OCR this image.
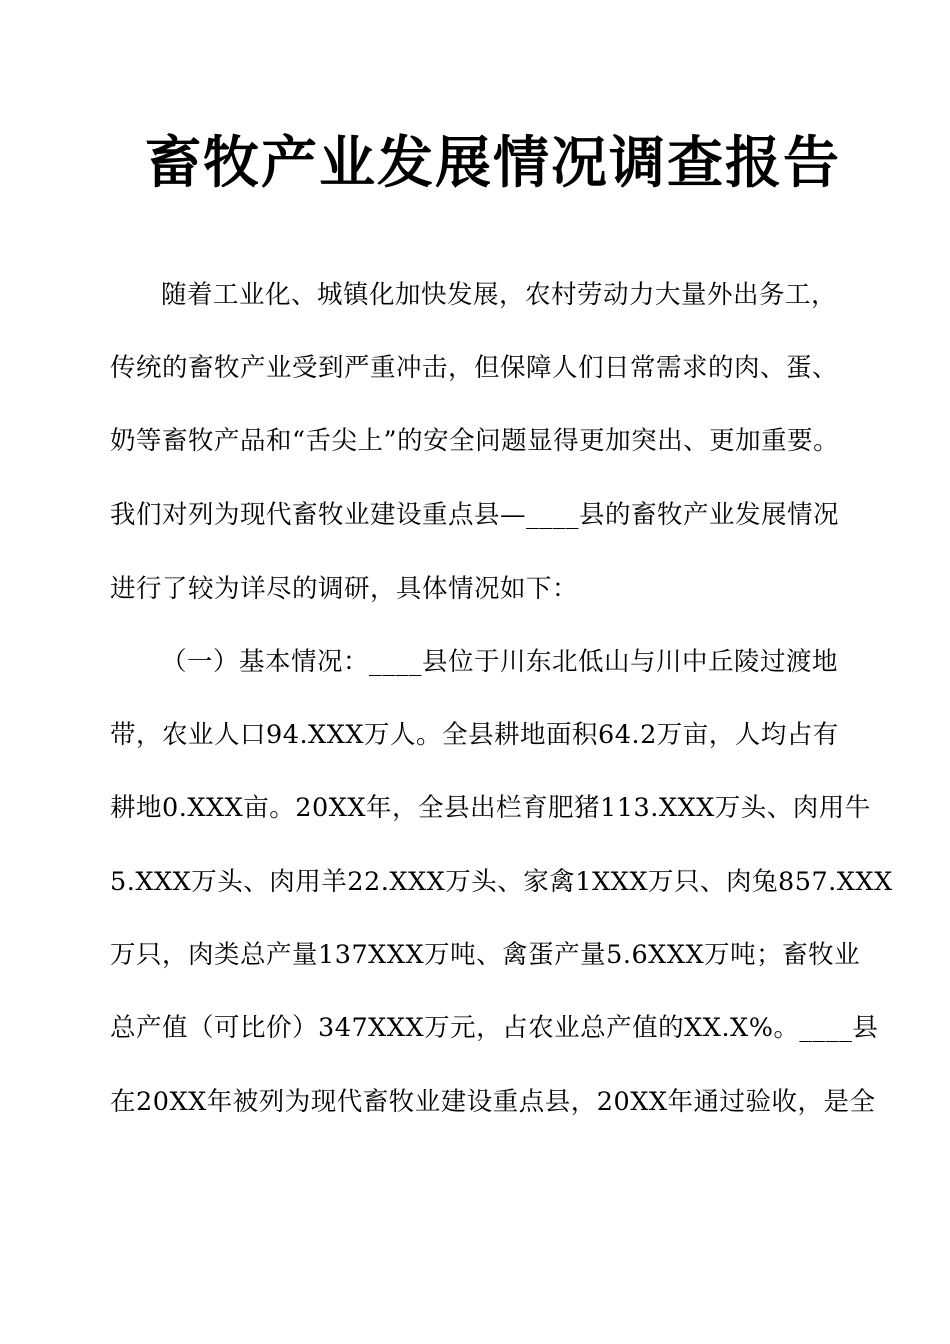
畜牧产业发展情况调查报告
随着工业化、城镇化加快发展，农村劳动力大量外出务工，
传统的畜牧产业受到严重冲击，但保障人们日常需求的肉、蛋、
奶等畜牧产品和“舌尖上”的安全问题显得更加突出、更加重要。
我们对列为现代畜牧业建设重点县—____县的畜牧产业发展情况
进行了较为详尽的调研，具体情况如下：
（一）基本情况：____县位于川东北低山与川中丘陵过渡地
带，农业人口94.XXX万人。全县耕地面积64.2万亩，人均占有
耕地0.XXX亩。20XX年，全县出栏育肥猪113.XXX万头、肉用牛
5.XXX万头、肉用羊22.XXX万头、家禽1XXX万只、肉兔857.XXX
万只，肉类总产量137XXX万吨、禽蛋产量5.6XXX万吨；畜牧业
总产值（可比价）347XXX万元，占农业总产值的XX.X%。____县
在20XX年被列为现代畜牧业建设重点县，20XX年通过验收，是全
